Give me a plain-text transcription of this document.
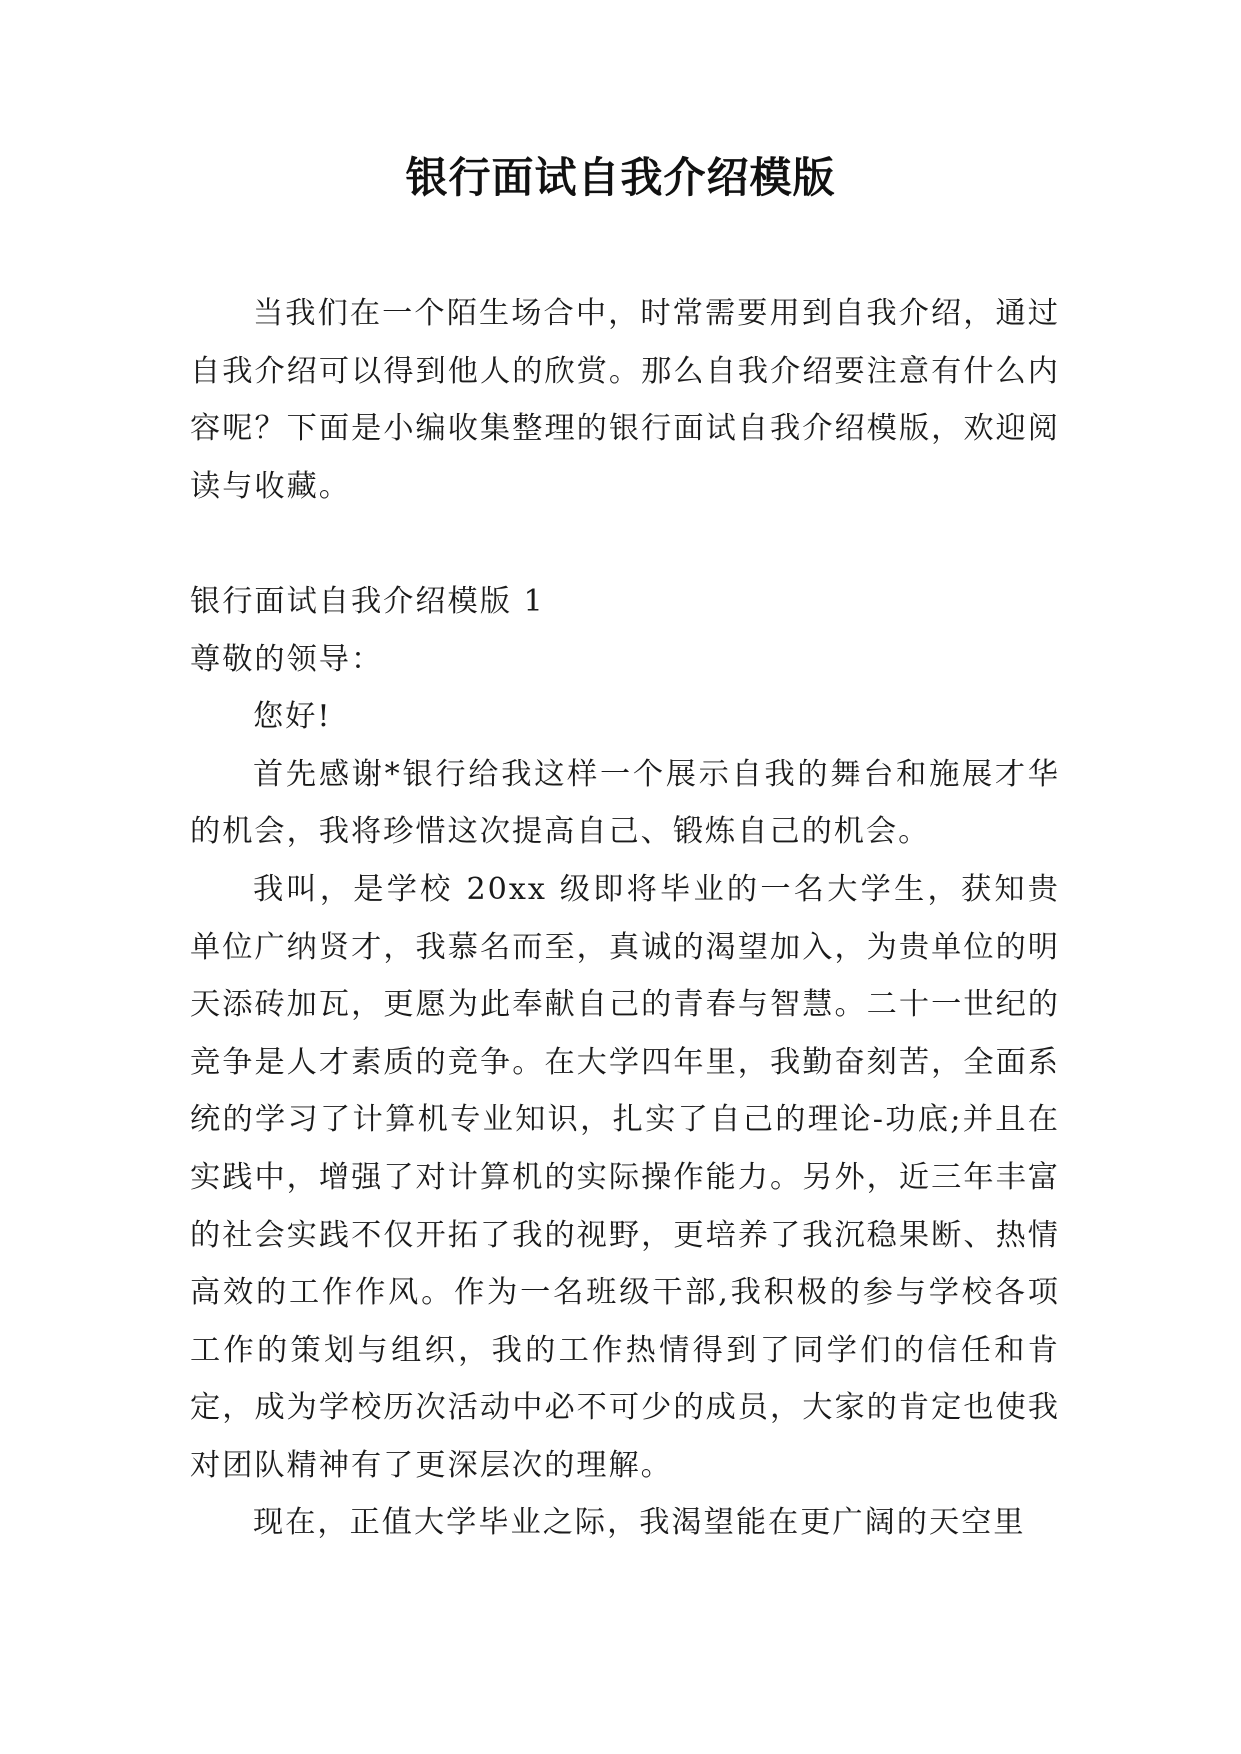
银行面试自我介绍模版

当我们在一个陌生场合中，时常需要用到自我介绍，通过自我介绍可以得到他人的欣赏。那么自我介绍要注意有什么内容呢？下面是小编收集整理的银行面试自我介绍模版，欢迎阅读与收藏。

银行面试自我介绍模版 1

尊敬的领导：

您好!

首先感谢*银行给我这样一个展示自我的舞台和施展才华的机会，我将珍惜这次提高自己、锻炼自己的机会。

我叫，是学校 20xx 级即将毕业的一名大学生，获知贵单位广纳贤才，我慕名而至，真诚的渴望加入，为贵单位的明天添砖加瓦，更愿为此奉献自己的青春与智慧。二十一世纪的竞争是人才素质的竞争。在大学四年里，我勤奋刻苦，全面系统的学习了计算机专业知识，扎实了自己的理论-功底;并且在实践中，增强了对计算机的实际操作能力。另外，近三年丰富的社会实践不仅开拓了我的视野，更培养了我沉稳果断、热情高效的工作作风。作为一名班级干部,我积极的参与学校各项工作的策划与组织，我的工作热情得到了同学们的信任和肯定，成为学校历次活动中必不可少的成员，大家的肯定也使我对团队精神有了更深层次的理解。

现在，正值大学毕业之际，我渴望能在更广阔的天空里
